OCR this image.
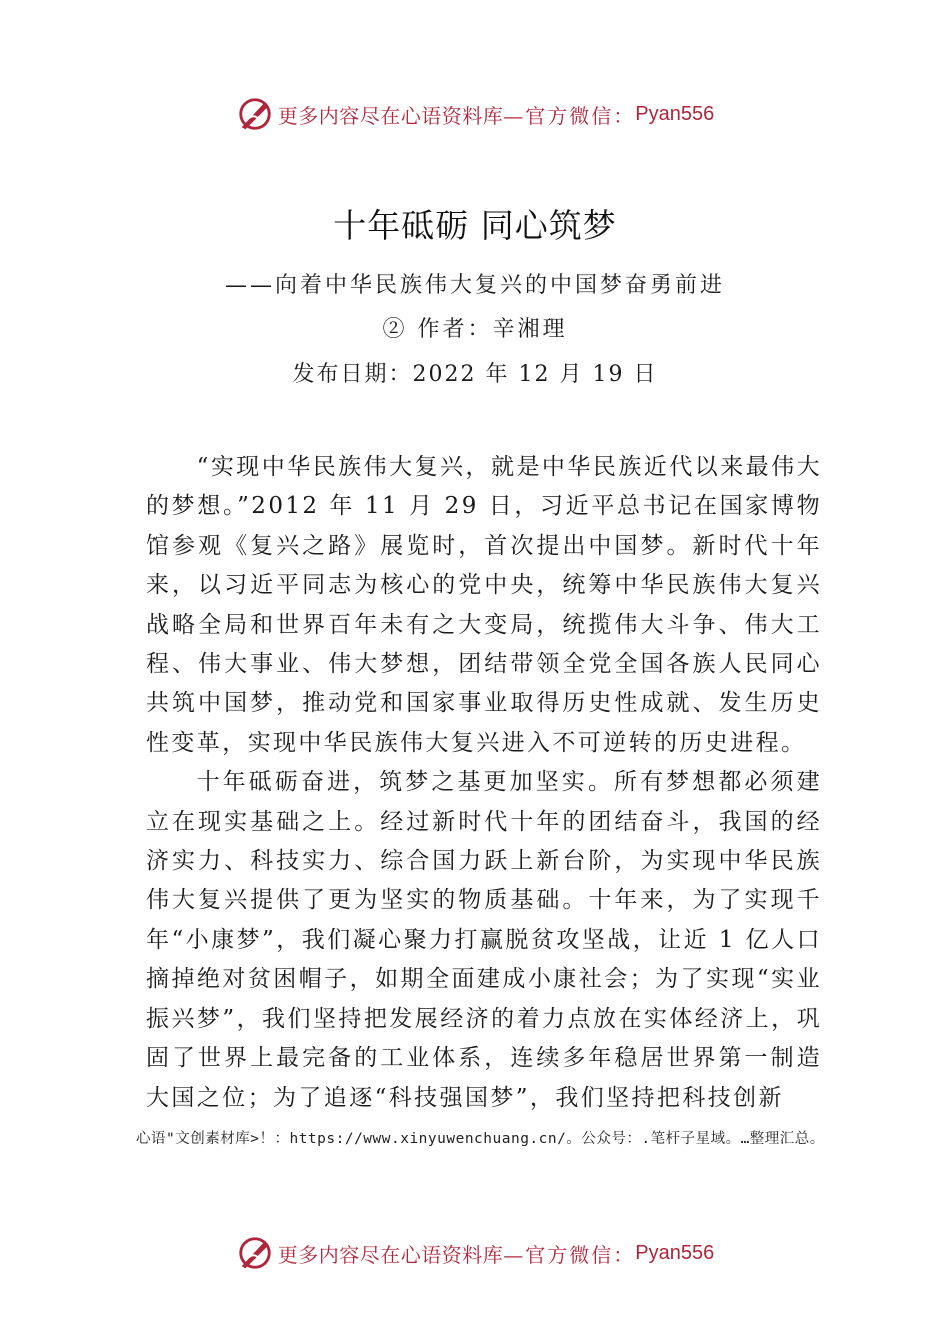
更多内容尽在心语资料库 —官方微信： Pyan556
十年砥砺 同心筑梦
——向着中华民族伟大复兴的中国梦奋勇前进
② 作者：辛湘理
发布日期：2022 年 12 月 19 日

“实现中华民族伟大复兴，就是中华民族近代以来最伟大的梦想。”2012 年 11 月 29 日，习近平总书记在国家博物馆参观《复兴之路》展览时，首次提出中国梦。新时代十年来，以习近平同志为核心的党中央，统筹中华民族伟大复兴战略全局和世界百年未有之大变局，统揽伟大斗争、伟大工程、伟大事业、伟大梦想，团结带领全党全国各族人民同心共筑中国梦，推动党和国家事业取得历史性成就、发生历史性变革，实现中华民族伟大复兴进入不可逆转的历史进程。

十年砥砺奋进，筑梦之基更加坚实。所有梦想都必须建立在现实基础之上。经过新时代十年的团结奋斗，我国的经济实力、科技实力、综合国力跃上新台阶，为实现中华民族伟大复兴提供了更为坚实的物质基础。十年来，为了实现千年“小康梦”，我们凝心聚力打赢脱贫攻坚战，让近 1 亿人口摘掉绝对贫困帽子，如期全面建成小康社会；为了实现“实业振兴梦”，我们坚持把发展经济的着力点放在实体经济上，巩固了世界上最完备的工业体系，连续多年稳居世界第一制造大国之位；为了追逐“科技强国梦”，我们坚持把科技创新

心语"文创素材库>！：https://www.xinyuwenchuang.cn/。公众号：.笔杆子星域。…整理汇总。
更多内容尽在心语资料库 —官方微信： Pyan556
